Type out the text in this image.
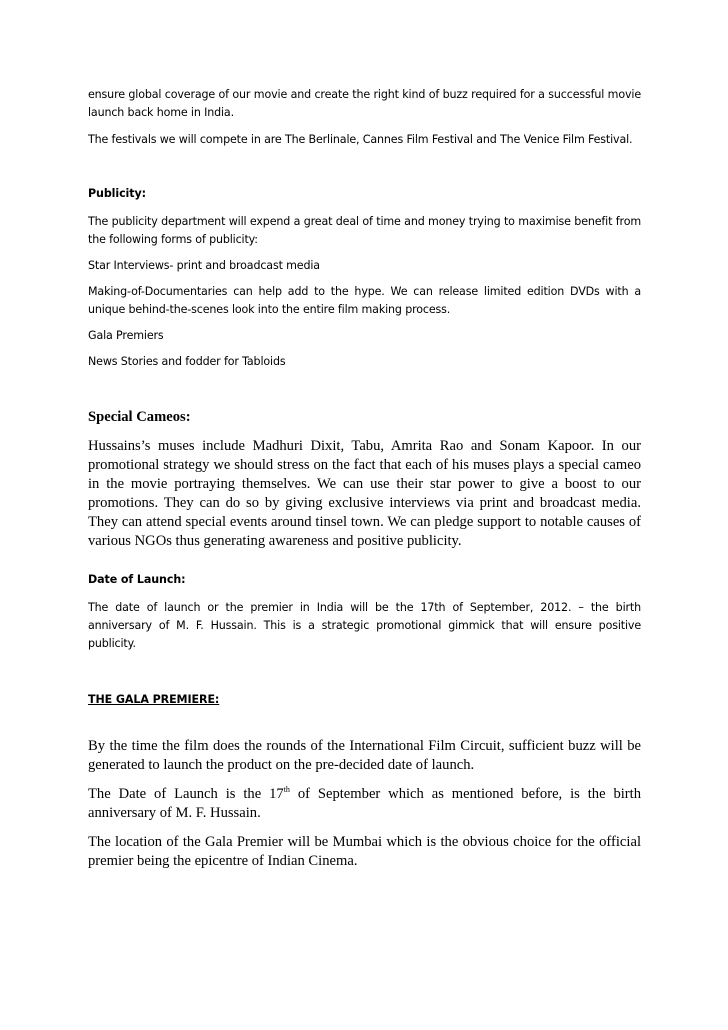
ensure global coverage of our movie and create the right kind of buzz required for a successful movie launch back home in India.

The festivals we will compete in are The Berlinale, Cannes Film Festival and The Venice Film Festival.

Publicity:

The publicity department will expend a great deal of time and money trying to maximise benefit from the following forms of publicity:

Star Interviews- print and broadcast media

Making-of-Documentaries can help add to the hype. We can release limited edition DVDs with a unique behind-the-scenes look into the entire film making process.

Gala Premiers

News Stories and fodder for Tabloids

Special Cameos:

Hussains’s muses include Madhuri Dixit, Tabu, Amrita Rao and Sonam Kapoor. In our promotional strategy we should stress on the fact that each of his muses plays a special cameo in the movie portraying themselves. We can use their star power to give a boost to our promotions. They can do so by giving exclusive interviews via print and broadcast media. They can attend special events around tinsel town. We can pledge support to notable causes of various NGOs thus generating awareness and positive publicity.

Date of Launch:

The date of launch or the premier in India will be the 17th of September, 2012. – the birth anniversary of M. F. Hussain. This is a strategic promotional gimmick that will ensure positive publicity.

THE GALA PREMIERE:

By the time the film does the rounds of the International Film Circuit, sufficient buzz will be generated to launch the product on the pre-decided date of launch.

The Date of Launch is the 17th of September which as mentioned before, is the birth anniversary of M. F. Hussain.

The location of the Gala Premier will be Mumbai which is the obvious choice for the official premier being the epicentre of Indian Cinema.
